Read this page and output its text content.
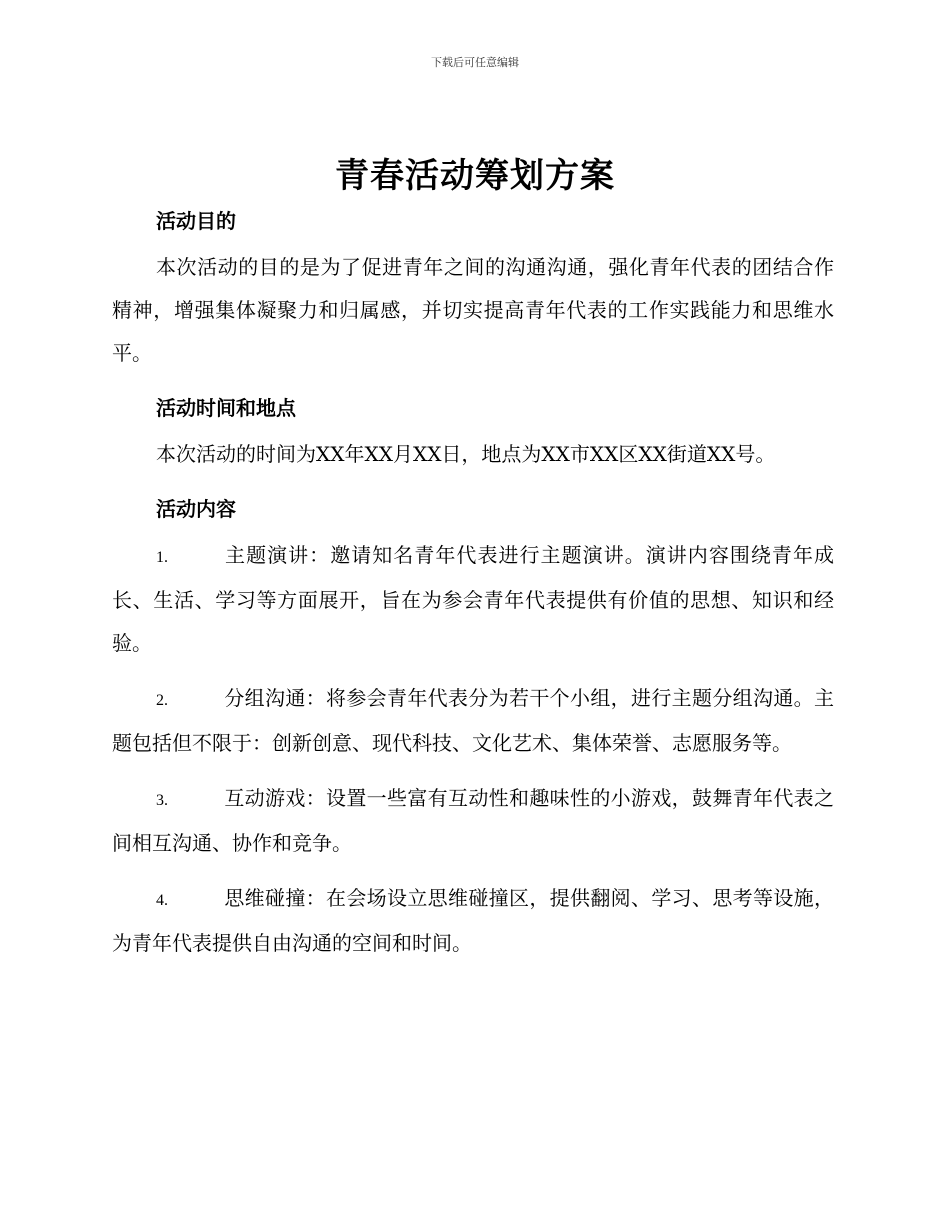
下载后可任意编辑
青春活动筹划方案
活动目的

本次活动的目的是为了促进青年之间的沟通沟通，强化青年代表的团结合作精神，增强集体凝聚力和归属感，并切实提高青年代表的工作实践能力和思维水平。

活动时间和地点

本次活动的时间为XX年XX月XX日，地点为XX市XX区XX街道XX号。

活动内容

1.	主题演讲：邀请知名青年代表进行主题演讲。演讲内容围绕青年成长、生活、学习等方面展开，旨在为参会青年代表提供有价值的思想、知识和经验。

2.	分组沟通：将参会青年代表分为若干个小组，进行主题分组沟通。主题包括但不限于：创新创意、现代科技、文化艺术、集体荣誉、志愿服务等。

3.	互动游戏：设置一些富有互动性和趣味性的小游戏，鼓舞青年代表之间相互沟通、协作和竞争。

4.	思维碰撞：在会场设立思维碰撞区，提供翻阅、学习、思考等设施，为青年代表提供自由沟通的空间和时间。
